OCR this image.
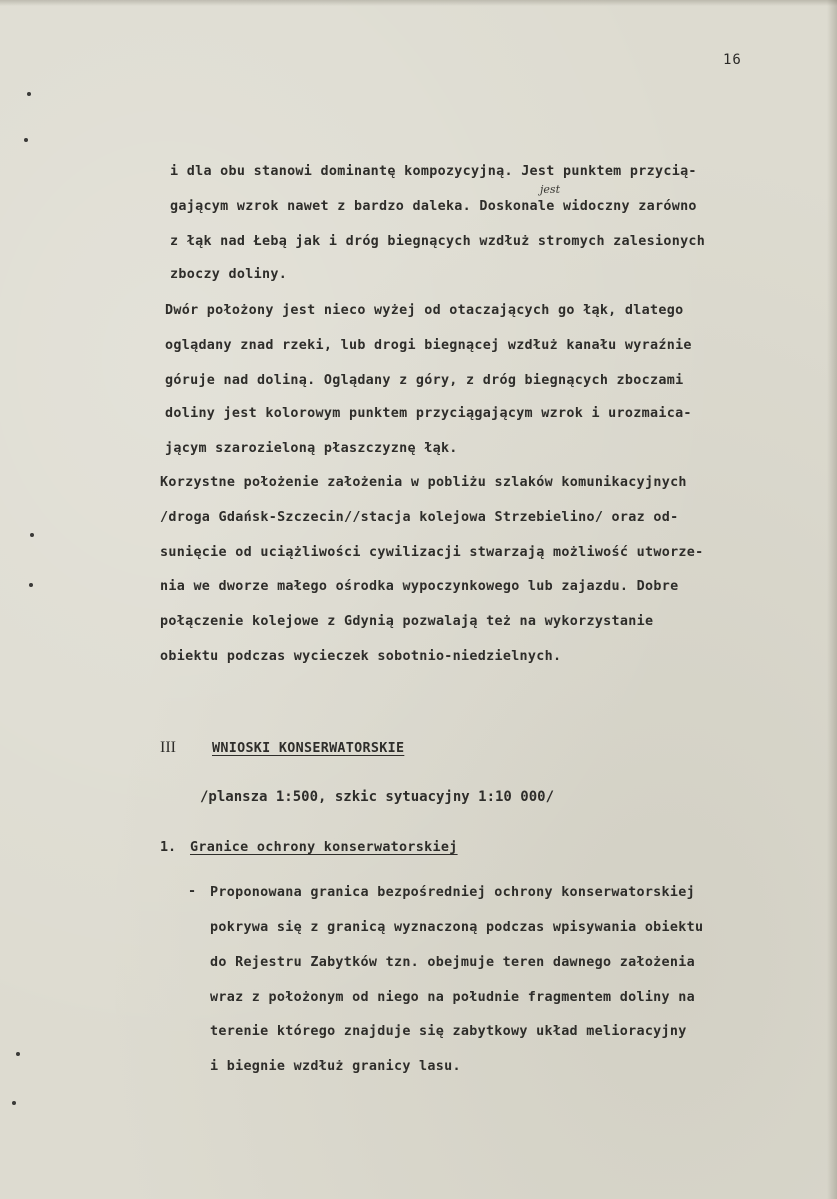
16
jest
i dla obu stanowi dominantę kompozycyjną. Jest punktem przycią-
gającym wzrok nawet z bardzo daleka. Doskonale widoczny zarówno
z łąk nad Łebą jak i dróg biegnących wzdłuż stromych zalesionych
zboczy doliny.
Dwór położony jest nieco wyżej od otaczających go łąk, dlatego
oglądany znad rzeki, lub drogi biegnącej wzdłuż kanału wyraźnie
góruje nad doliną. Oglądany z góry, z dróg biegnących zboczami
doliny jest kolorowym punktem przyciągającym wzrok i urozmaica-
jącym szarozieloną płaszczyznę łąk.
Korzystne położenie założenia w pobliżu szlaków komunikacyjnych
/droga Gdańsk-Szczecin//stacja kolejowa Strzebielino/ oraz od-
sunięcie od uciążliwości cywilizacji stwarzają możliwość utworze-
nia we dworze małego ośrodka wypoczynkowego lub zajazdu. Dobre
połączenie kolejowe z Gdynią pozwalają też na wykorzystanie
obiektu podczas wycieczek sobotnio-niedzielnych.
III	WNIOSKI KONSERWATORSKIE
/plansza 1:500, szkic sytuacyjny 1:10 000/
1. Granice ochrony konserwatorskiej
- Proponowana granica bezpośredniej ochrony konserwatorskiej
pokrywa się z granicą wyznaczoną podczas wpisywania obiektu
do Rejestru Zabytków tzn. obejmuje teren dawnego założenia
wraz z położonym od niego na południe fragmentem doliny na
terenie którego znajduje się zabytkowy układ melioracyjny
i biegnie wzdłuż granicy lasu.
